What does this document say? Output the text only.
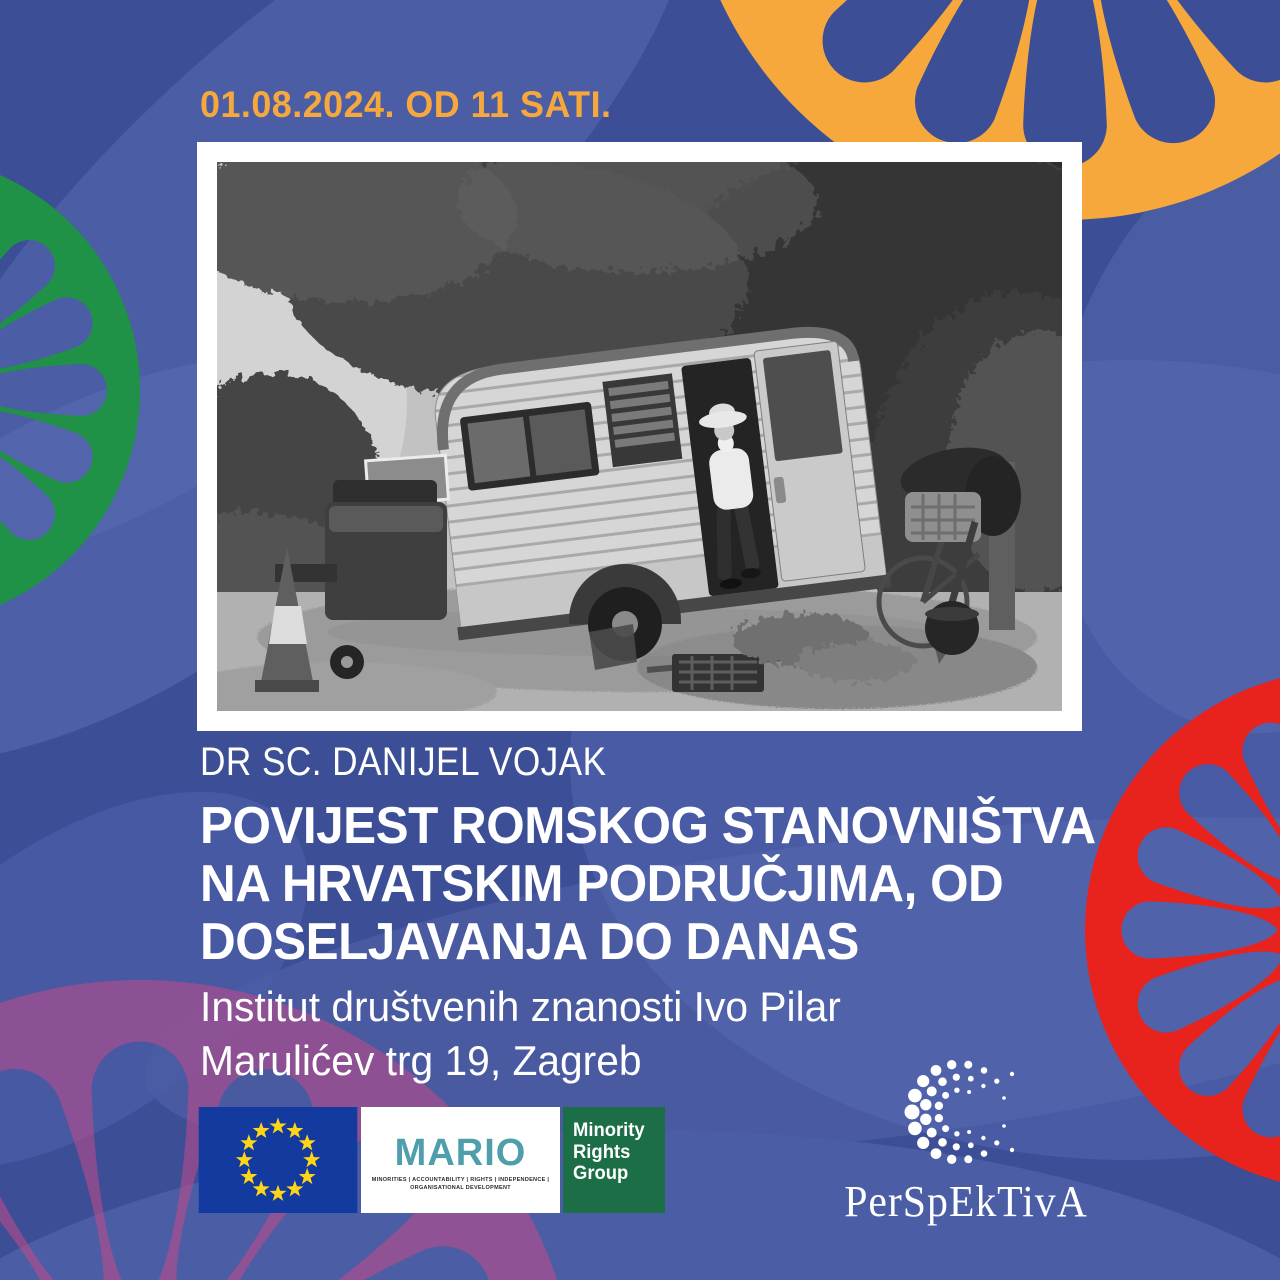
01.08.2024. OD 11 SATI.
DR SC. DANIJEL VOJAK
POVIJEST ROMSKOG STANOVNIŠTVA
NA HRVATSKIM PODRUČJIMA, OD
DOSELJAVANJA DO DANAS
Institut društvenih znanosti Ivo Pilar
Marulićev trg 19, Zagreb
MARIO
MINORITIES | ACCOUNTABILITY | RIGHTS | INDEPENDENCE |
ORGANISATIONAL DEVELOPMENT
Minority
Rights
Group
PerSpEkTivA
